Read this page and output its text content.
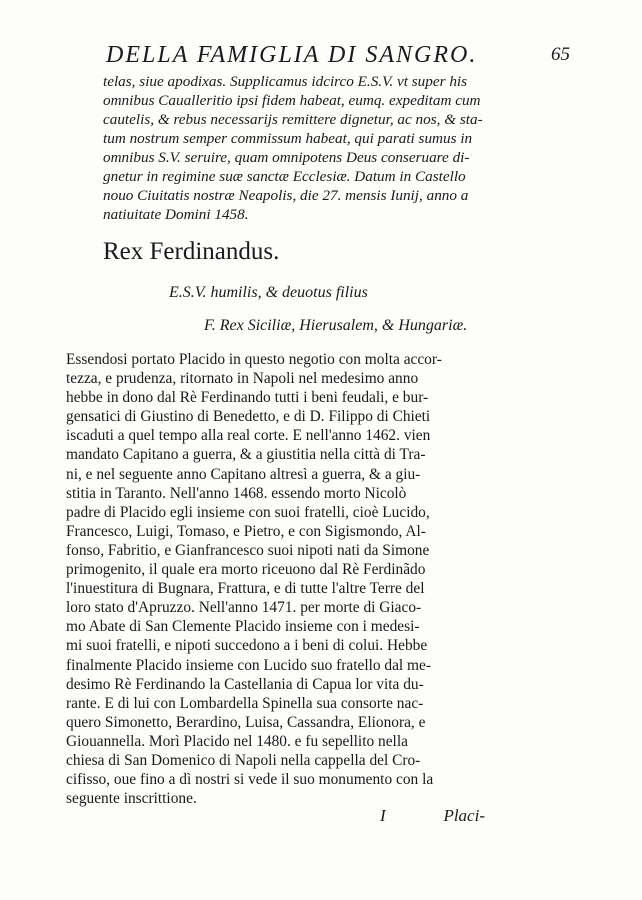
DELLA FAMIGLIA DI SANGRO.	65
telas, siue apodixas. Supplicamus idcirco E.S.V. vt super his
omnibus Caualleritio ipsi fidem habeat, eumq. expeditam cum
cautelis, & rebus necessarijs remittere dignetur, ac nos, & sta-
tum nostrum semper commissum habeat, qui parati sumus in
omnibus S.V. seruire, quam omnipotens Deus conseruare di-
gnetur in regimine suæ sanctæ Ecclesiæ. Datum in Castello
nouo Ciuitatis nostræ Neapolis, die 27. mensis Iunij, anno a
natiuitate Domini 1458.
Rex Ferdinandus.
E.S.V. humilis, & deuotus filius
F. Rex Siciliæ, Hierusalem, & Hungariæ.
Essendosi portato Placido in questo negotio con molta accor-
tezza, e prudenza, ritornato in Napoli nel medesimo anno
hebbe in dono dal Rè Ferdinando tutti i beni feudali, e bur-
gensatici di Giustino di Benedetto, e di D. Filippo di Chieti
iscaduti a quel tempo alla real corte. E nell'anno 1462. vien
mandato Capitano a guerra, & a giustitia nella città di Tra-
ni, e nel seguente anno Capitano altresì a guerra, & a giu-
stitia in Taranto. Nell'anno 1468. essendo morto Nicolò
padre di Placido egli insieme con suoi fratelli, cioè Lucido,
Francesco, Luigi, Tomaso, e Pietro, e con Sigismondo, Al-
fonso, Fabritio, e Gianfrancesco suoi nipoti nati da Simone
primogenito, il quale era morto riceuono dal Rè Ferdinãdo
l'inuestitura di Bugnara, Frattura, e di tutte l'altre Terre del
loro stato d'Apruzzo. Nell'anno 1471. per morte di Giaco-
mo Abate di San Clemente Placido insieme con i medesi-
mi suoi fratelli, e nipoti succedono a i beni di colui. Hebbe
finalmente Placido insieme con Lucido suo fratello dal me-
desimo Rè Ferdinando la Castellania di Capua lor vita du-
rante. E di lui con Lombardella Spinella sua consorte nac-
quero Simonetto, Berardino, Luisa, Cassandra, Elionora, e
Giouannella. Morì Placido nel 1480. e fu sepellito nella
chiesa di San Domenico di Napoli nella cappella del Cro-
cifisso, oue fino a dì nostri si vede il suo monumento con la
seguente inscrittione.
I	Placi-
